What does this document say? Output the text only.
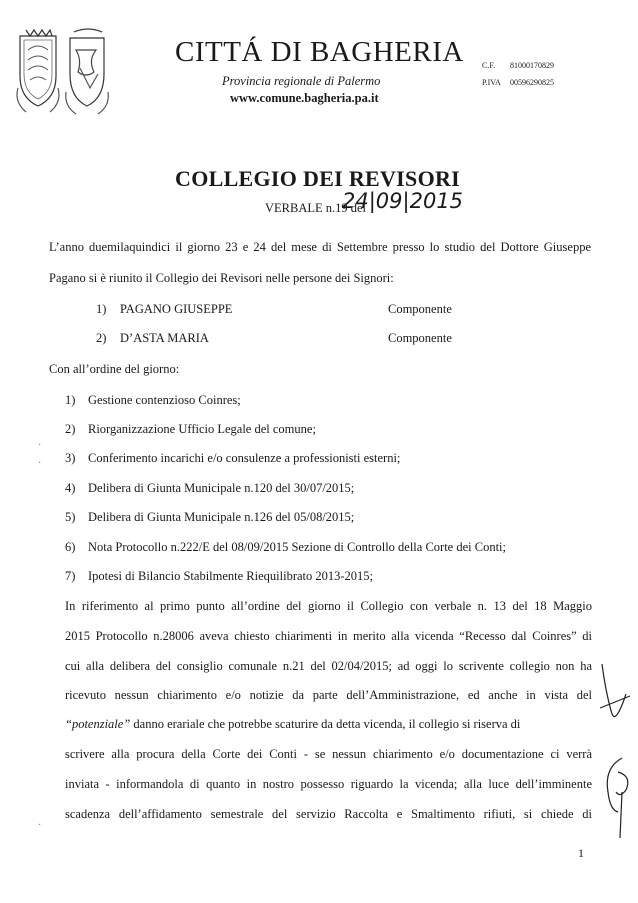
CITTÁ DI BAGHERIA
Provincia regionale di Palermo
www.comune.bagheria.pa.it
C.F. 81000170829
P.IVA 00596290825
COLLEGIO DEI REVISORI
VERBALE n.19 del
24|09|2015
L’anno duemilaquindici il giorno 23 e 24 del mese di Settembre presso lo studio del Dottore Giuseppe
Pagano si è riunito il Collegio dei Revisori nelle persone dei Signori:
1) PAGANO GIUSEPPE	Componente
2) D’ASTA MARIA	Componente
Con all’ordine del giorno:
1) Gestione contenzioso Coinres;
2) Riorganizzazione Ufficio Legale del comune;
3) Conferimento incarichi e/o consulenze a professionisti esterni;
4) Delibera di Giunta Municipale n.120 del 30/07/2015;
5) Delibera di Giunta Municipale n.126 del 05/08/2015;
6) Nota Protocollo n.222/E del 08/09/2015 Sezione di Controllo della Corte dei Conti;
7) Ipotesi di Bilancio Stabilmente Riequilibrato 2013-2015;
In riferimento al primo punto all’ordine del giorno il Collegio con verbale n. 13 del 18 Maggio
2015 Protocollo n.28006 aveva chiesto chiarimenti in merito alla vicenda “Recesso dal Coinres” di
cui alla delibera del consiglio comunale n.21 del 02/04/2015; ad oggi lo scrivente collegio non ha
ricevuto nessun chiarimento e/o notizie da parte dell’Amministrazione, ed anche in vista del
“potenziale” danno erariale che potrebbe scaturire da detta vicenda, il collegio si riserva di
scrivere alla procura della Corte dei Conti - se nessun chiarimento e/o documentazione ci verrà
inviata - informandola di quanto in nostro possesso riguardo la vicenda; alla luce dell’imminente
scadenza dell’affidamento semestrale del servizio Raccolta e Smaltimento rifiuti, si chiede di
·
·
·
1
